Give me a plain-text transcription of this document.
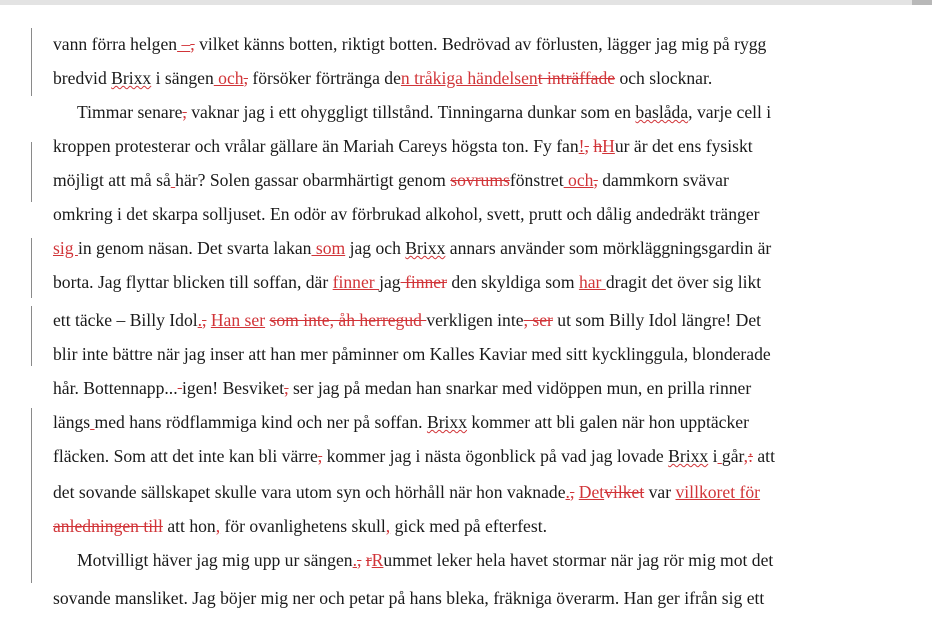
vann förra helgen –, vilket känns botten, riktigt botten. Bedrövad av förlusten, lägger jag mig på rygg
bredvid Brixx i sängen och, försöker förtränga den tråkiga händelsent inträffade och slocknar.
Timmar senare, vaknar jag i ett ohyggligt tillstånd. Tinningarna dunkar som en baslåda, varje cell i
kroppen protesterar och vrålar gällare än Mariah Careys högsta ton. Fy fan!, hHur är det ens fysiskt
möjligt att må så här? Solen gassar obarmhärtigt genom sovrumsfönstret och, dammkorn svävar
omkring i det skarpa solljuset. En odör av förbrukad alkohol, svett, prutt och dålig andedräkt tränger
sig in genom näsan. Det svarta lakan som jag och Brixx annars använder som mörkläggningsgardin är
borta. Jag flyttar blicken till soffan, där finner jag finner den skyldiga som har dragit det över sig likt
ett täcke – Billy Idol., Han ser som inte, åh herregud verkligen inte, ser ut som Billy Idol längre! Det
blir inte bättre när jag inser att han mer påminner om Kalles Kaviar med sitt kycklinggula, blonderade
hår. Bottennapp... igen! Besviket, ser jag på medan han snarkar med vidöppen mun, en prilla rinner
längs med hans rödflammiga kind och ner på soffan. Brixx kommer att bli galen när hon upptäcker
fläcken. Som att det inte kan bli värre, kommer jag i nästa ögonblick på vad jag lovade Brixx i går,: att
det sovande sällskapet skulle vara utom syn och hörhåll när hon vaknade., Detvilket var villkoret för
anledningen till att hon, för ovanlighetens skull, gick med på efterfest.
Motvilligt häver jag mig upp ur sängen., rRummet leker hela havet stormar när jag rör mig mot det
sovande mansliket. Jag böjer mig ner och petar på hans bleka, fräkniga överarm. Han ger ifrån sig ett
